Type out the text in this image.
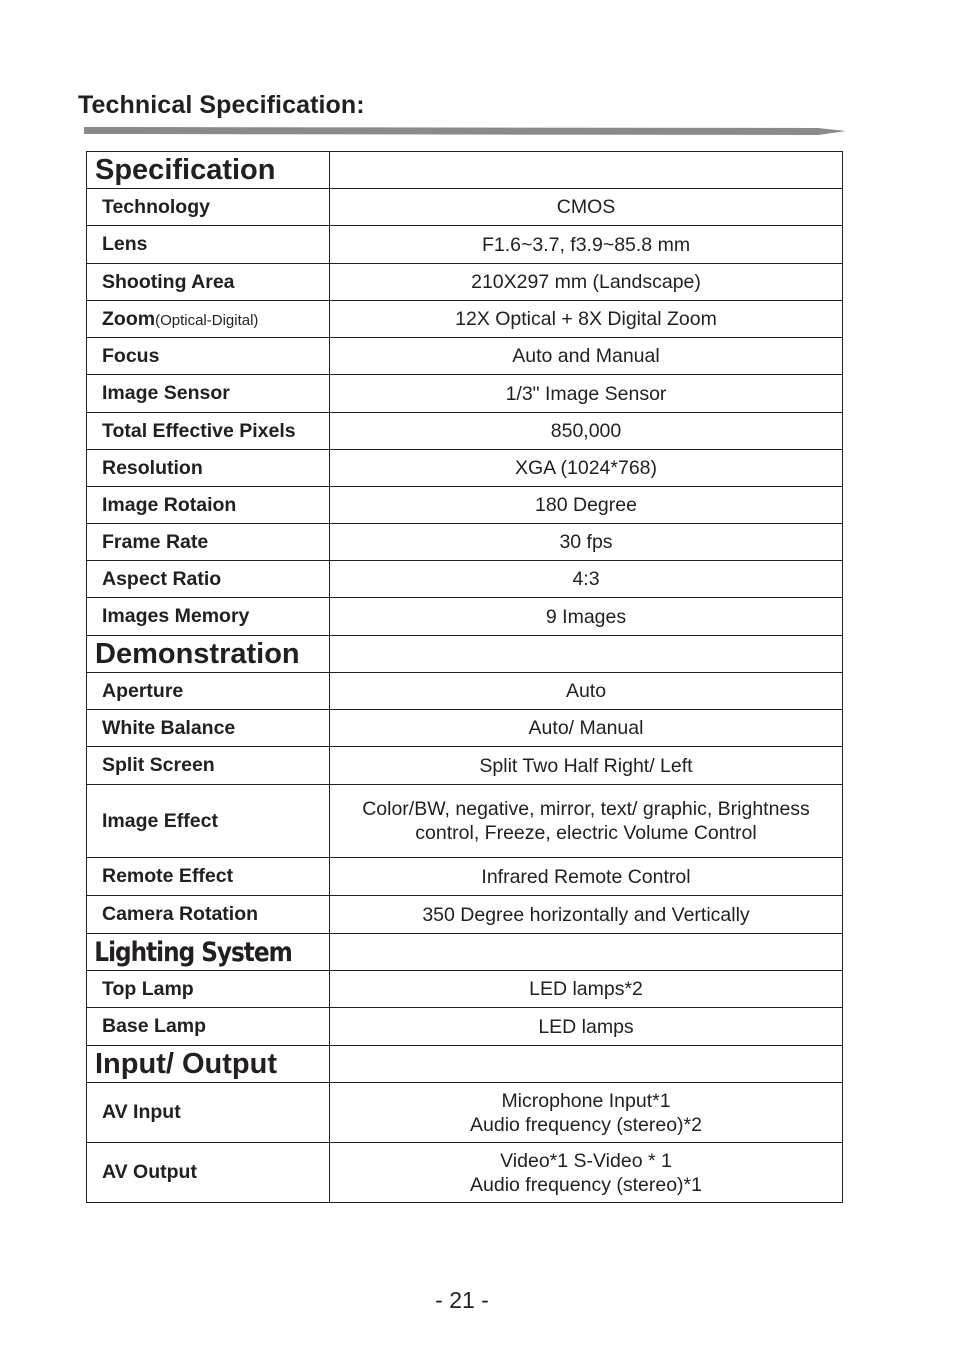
Technical Specification:
Specification	
Technology	CMOS
Lens	F1.6~3.7, f3.9~85.8 mm
Shooting Area	210X297 mm (Landscape)
Zoom(Optical-Digital)	12X Optical + 8X Digital Zoom
Focus	Auto and Manual
Image Sensor	1/3" Image Sensor
Total Effective Pixels	850,000
Resolution	XGA (1024*768)
Image Rotaion	180 Degree
Frame Rate	30 fps
Aspect Ratio	4:3
Images Memory	9 Images
Demonstration	
Aperture	Auto
White Balance	Auto/ Manual
Split Screen	Split Two Half Right/ Left
Image Effect	Color/BW, negative, mirror, text/ graphic, Brightness
control, Freeze, electric Volume Control

Remote Effect	Infrared Remote Control
Camera Rotation	350 Degree horizontally and Vertically
Lighting System	
Top Lamp	LED lamps*2
Base Lamp	LED lamps
Input/ Output	
AV Input	Microphone Input*1
Audio frequency (stereo)*2

AV Output	Video*1 S-Video * 1
Audio frequency (stereo)*1
- 21 -
